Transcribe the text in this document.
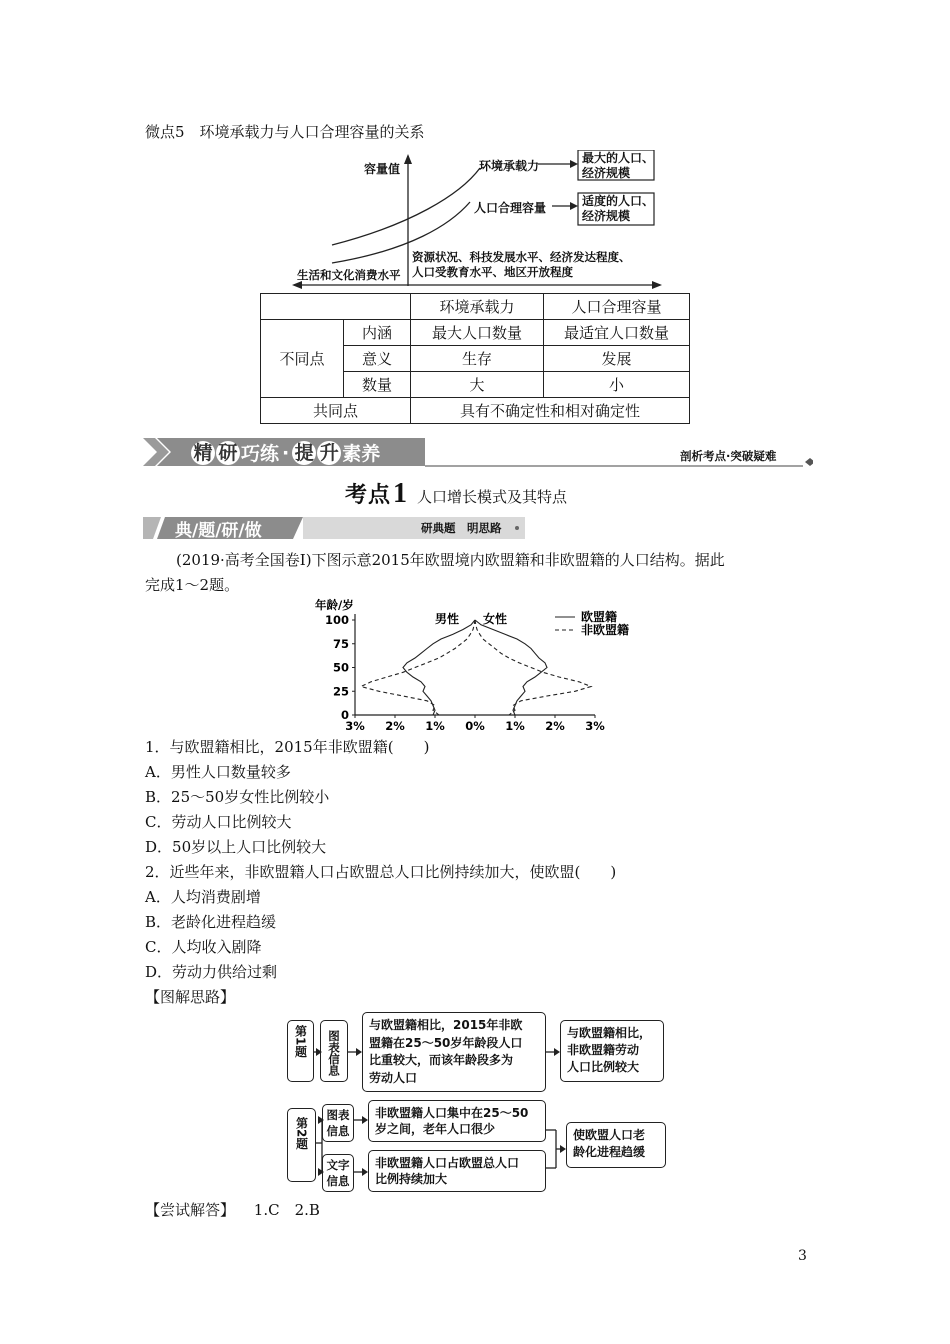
微点5　环境承载力与人口合理容量的关系
容量值	环境承载力
人口合理容量
最大的人口、
经济规模
适度的人口、
经济规模
生活和文化消费水平
资源状况、科技发展水平、经济发达程度、
人口受教育水平、地区开放程度
		环境承载力	人口合理容量
不同点	内涵	最大人口数量	最适宜人口数量
	意义	生存	发展
	数量	大	小
共同点		具有不确定性和相对确定性	
精 研 巧练 · 提 升 素养	剖析考点·突破疑难
考点 1 人口增长模式及其特点
典/题/研/做	研典题　明思路
(2019·高考全国卷Ⅰ)下图示意2015年欧盟境内欧盟籍和非欧盟籍的人口结构。据此
完成1～2题。
年龄/岁
0
25
50
75
100
3% 2% 1% 0% 1% 2% 3%
男性 女性	欧盟籍
非欧盟籍
1．与欧盟籍相比，2015年非欧盟籍(　　)
A．男性人口数量较多
B．25～50岁女性比例较小
C．劳动人口比例较大
D．50岁以上人口比例较大
2．近些年来，非欧盟籍人口占欧盟总人口比例持续加大，使欧盟(　　)
A．人均消费剧增
B．老龄化进程趋缓
C．人均收入剧降
D．劳动力供给过剩
【图解思路】
第1题 图表信息
与欧盟籍相比，2015年非欧
盟籍在25～50岁年龄段人口
比重较大，而该年龄段多为
劳动人口
与欧盟籍相比，
非欧盟籍劳动
人口比例较大
第2题
图表信息
文字信息
非欧盟籍人口集中在25～50
岁之间，老年人口很少
非欧盟籍人口占欧盟总人口
比例持续加大
使欧盟人口老
龄化进程趋缓
【尝试解答】 1.C　2.B
3
